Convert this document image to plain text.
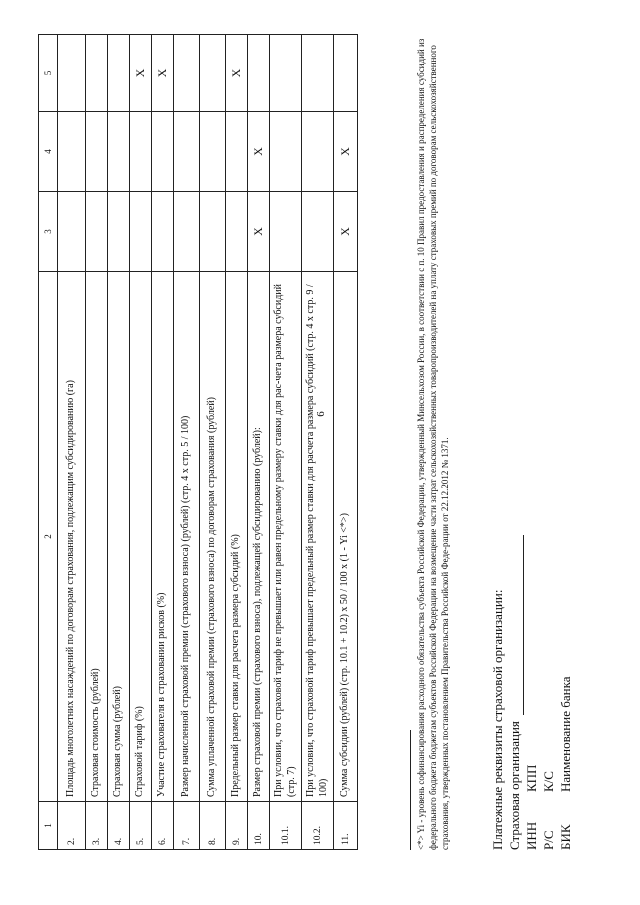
6
1	2	3	4	5
2.	Площадь многолетних насаждений по договорам страхования, подлежащим субсидированию (га)			
3.	Страховая стоимость (рублей)			
4.	Страховая сумма (рублей)			
5.	Страховой тариф (%)			X
6.	Участие страхователя в страховании рисков (%)			X
7.	Размер начисленной страховой премии (страхового взноса) (рублей) (стр. 4 х стр. 5 / 100)			
8.	Сумма уплаченной страховой премии (страхового взноса) по договорам страхования (рублей)			
9.	Предельный размер ставки для расчета размера субсидий (%)			X
10.	Размер страховой премии (страхового взноса), подлежащей субсидированию (рублей):	X	X	
10.1.	При условии, что страховой тариф не превышает или равен предельному размеру ставки для рас-чета размера субсидий (стр. 7)			
10.2.	При условии, что страховой тариф превышает предельный размер ставки для расчета размера субсидий (стр. 4 х стр. 9 / 100)			
11.	Сумма субсидии (рублей) (стр. 10.1 + 10.2) х 50 / 100 х (1 - Yi <*>)	X	X		<*> Yi - уровень софинансирования расходного обязательства субъекта Российской Федерации, утвержденный Минсельхозом России, в соответствии с п. 10 Правил предоставления и распределения субсидий из федерального бюджета бюджетам субъектов Российской Федерации на возмещение части затрат сельскохозяйственных товаропроизводителей на уплату страховых премий по договорам сельскохозяйственного страхования, утвержденных постановлением Правительства Российской Феде-рации от 22.12.2012 № 1371.	Платежные реквизиты страховой организации: Страховая организация ИНН
КПП
Р/С
К/С
БИК
Наименование банка
